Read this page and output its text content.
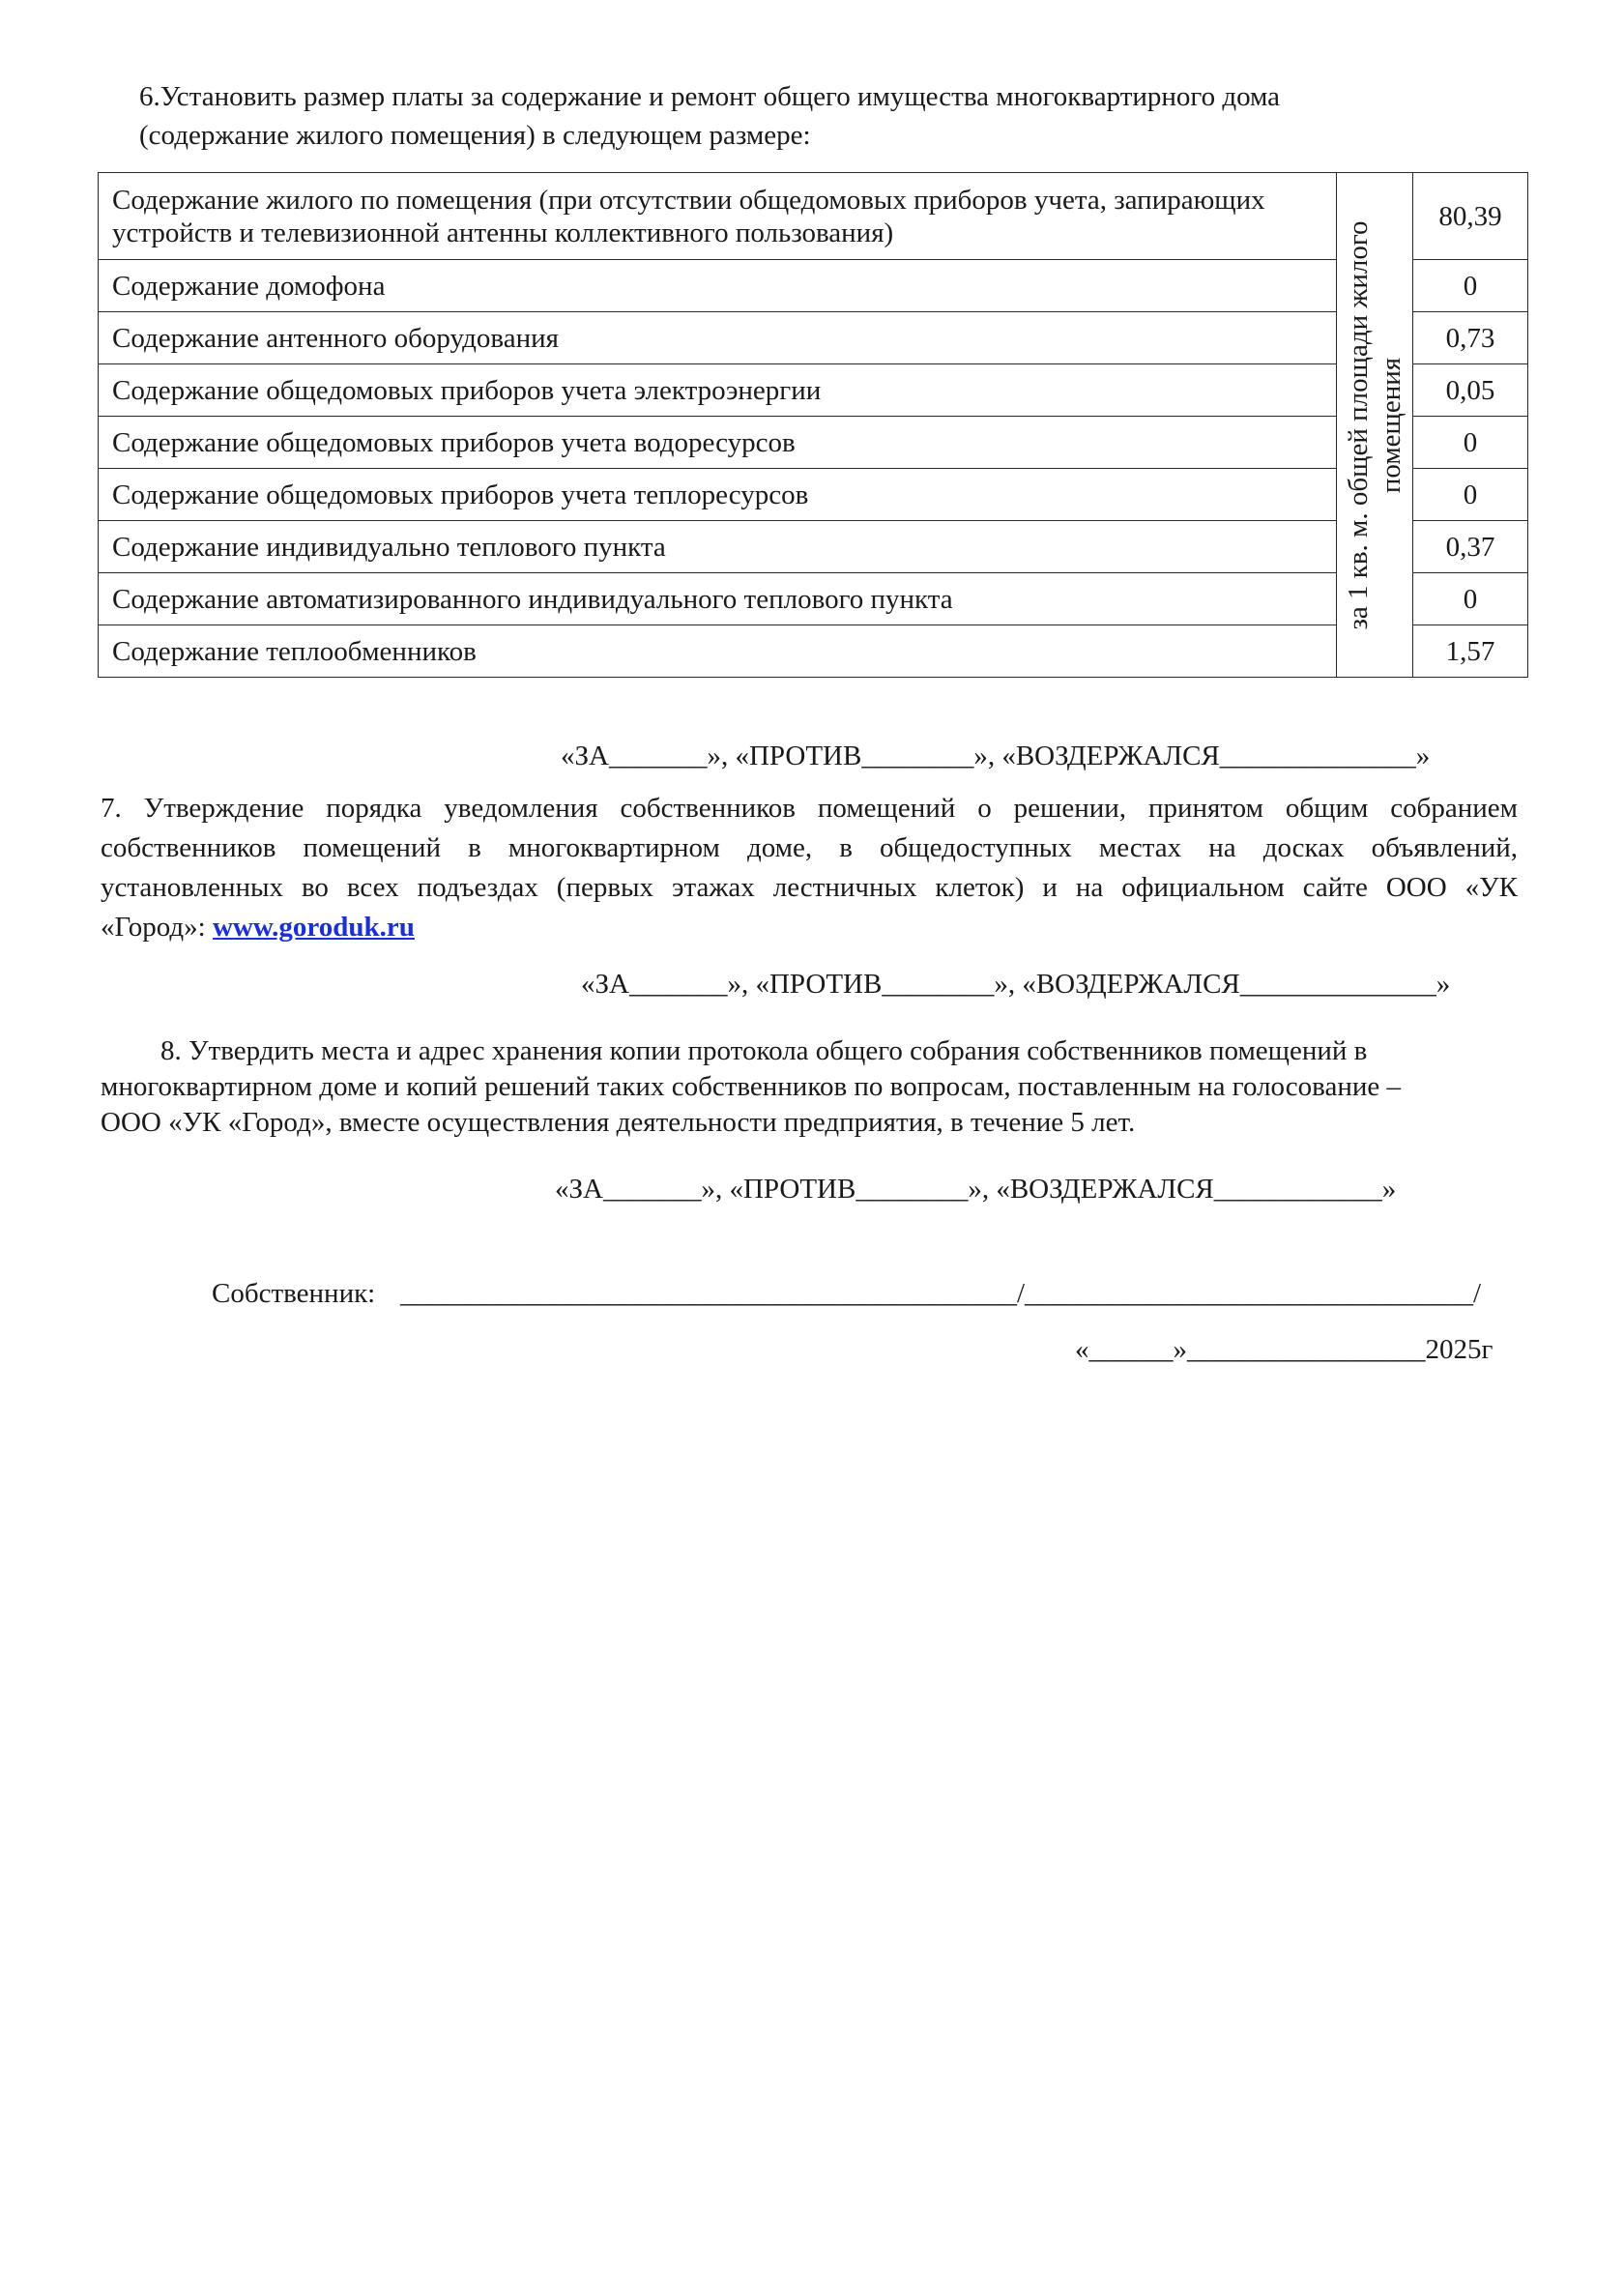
6.Установить размер платы за содержание и ремонт общего имущества многоквартирного дома
(содержание жилого помещения) в следующем размере:
Содержание жилого по помещения (при отсутствии общедомовых приборов учета, запирающих устройств и телевизионной антенны коллективного пользования)	за 1 кв. м. общей площади жилого помещения	80,39
Содержание домофона		0
Содержание антенного оборудования		0,73
Содержание общедомовых приборов учета электроэнергии		0,05
Содержание общедомовых приборов учета водоресурсов		0
Содержание общедомовых приборов учета теплоресурсов		0
Содержание индивидуально теплового пункта		0,37
Содержание автоматизированного индивидуального теплового пункта		0
Содержание теплообменников		1,57
«ЗА_______», «ПРОТИВ________», «ВОЗДЕРЖАЛСЯ______________»
7. Утверждение порядка уведомления собственников помещений о решении, принятом общим собранием
собственников помещений в многоквартирном доме, в общедоступных местах на досках объявлений,
установленных во всех подъездах (первых этажах лестничных клеток) и на официальном сайте ООО «УК
«Город»: www.goroduk.ru
«ЗА_______», «ПРОТИВ________», «ВОЗДЕРЖАЛСЯ______________»
8. Утвердить места и адрес хранения копии протокола общего собрания собственников помещений в
многоквартирном доме и копий решений таких собственников по вопросам, поставленным на голосование –
ООО «УК «Город», вместе осуществления деятельности предприятия, в течение 5 лет.
«ЗА_______», «ПРОТИВ________», «ВОЗДЕРЖАЛСЯ____________»
Собственник: ____________________________________________/________________________________/
«______»_________________2025г
